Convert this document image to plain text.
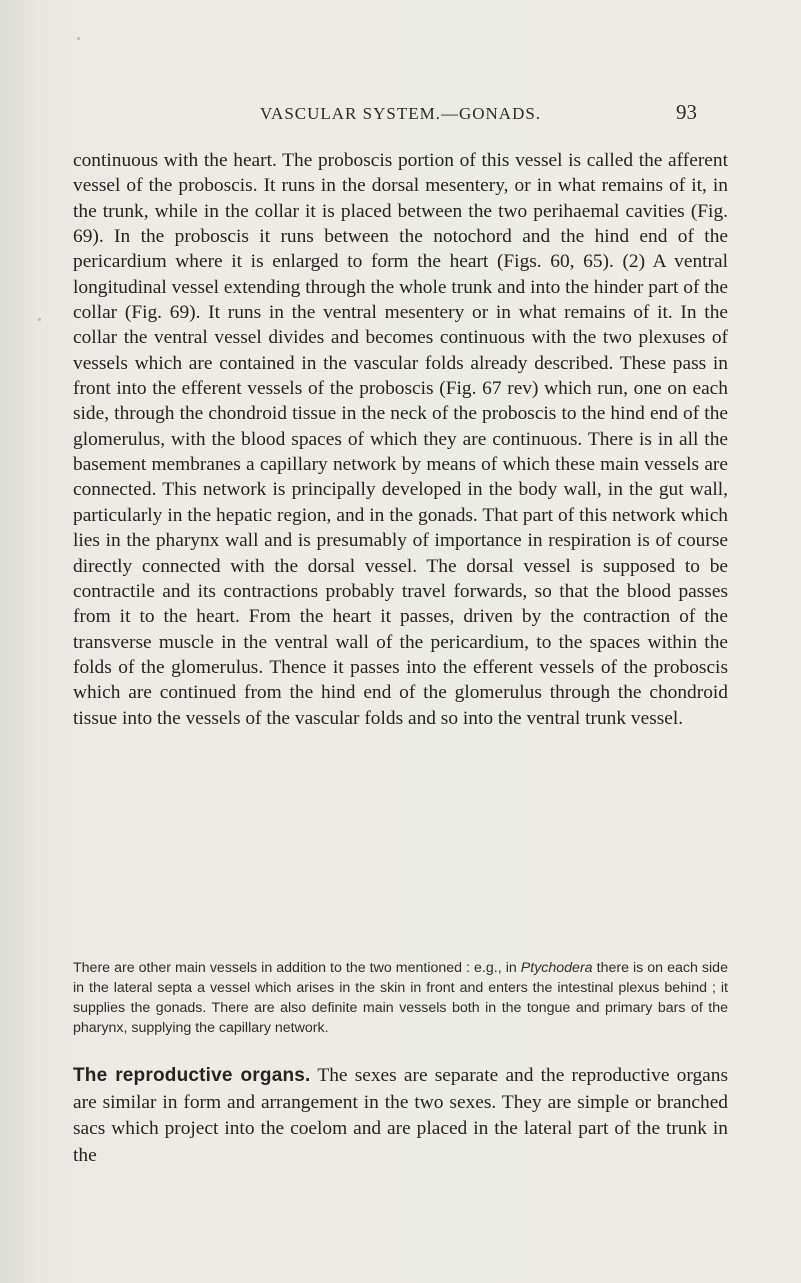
VASCULAR SYSTEM.—GONADS.	93

continuous with the heart. The proboscis portion of this vessel is called the afferent vessel of the proboscis. It runs in the dorsal mesentery, or in what remains of it, in the trunk, while in the collar it is placed between the two perihaemal cavities (Fig. 69). In the proboscis it runs between the notochord and the hind end of the pericardium where it is enlarged to form the heart (Figs. 60, 65). (2) A ventral longitudinal vessel extending through the whole trunk and into the hinder part of the collar (Fig. 69). It runs in the ventral mesentery or in what remains of it. In the collar the ventral vessel divides and becomes continuous with the two plexuses of vessels which are contained in the vascular folds already described. These pass in front into the efferent vessels of the proboscis (Fig. 67 rev) which run, one on each side, through the chondroid tissue in the neck of the proboscis to the hind end of the glomerulus, with the blood spaces of which they are continuous. There is in all the basement membranes a capillary network by means of which these main vessels are connected. This network is principally developed in the body wall, in the gut wall, particularly in the hepatic region, and in the gonads. That part of this network which lies in the pharynx wall and is presumably of importance in respiration is of course directly connected with the dorsal vessel. The dorsal vessel is supposed to be contractile and its contractions probably travel forwards, so that the blood passes from it to the heart. From the heart it passes, driven by the contraction of the transverse muscle in the ventral wall of the pericardium, to the spaces within the folds of the glomerulus. Thence it passes into the efferent vessels of the proboscis which are continued from the hind end of the glomerulus through the chondroid tissue into the vessels of the vascular folds and so into the ventral trunk vessel.

There are other main vessels in addition to the two mentioned : e.g., in Ptychodera there is on each side in the lateral septa a vessel which arises in the skin in front and enters the intestinal plexus behind ; it supplies the gonads. There are also definite main vessels both in the tongue and primary bars of the pharynx, supplying the capillary network.

The reproductive organs. The sexes are separate and the reproductive organs are similar in form and arrangement in the two sexes. They are simple or branched sacs which project into the coelom and are placed in the lateral part of the trunk in the
